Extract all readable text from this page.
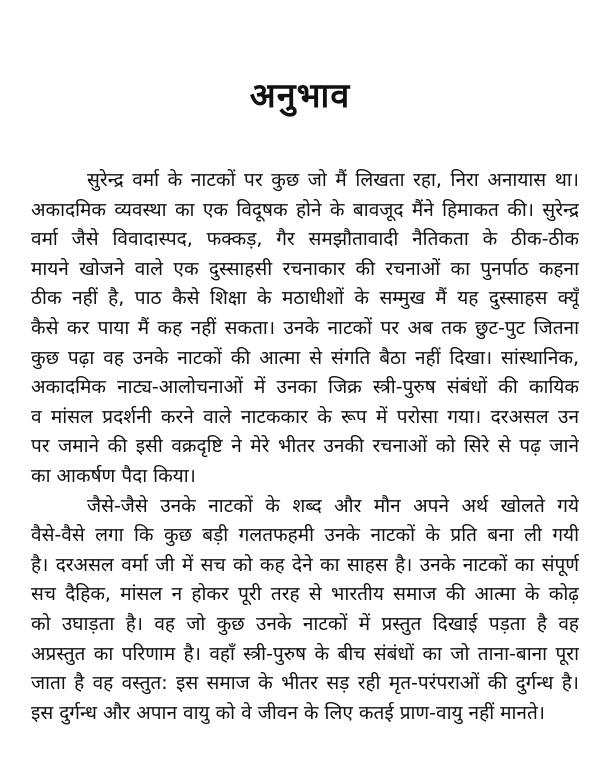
अनुभाव
सुरेन्द्र वर्मा के नाटकों पर कुछ जो मैं लिखता रहा, निरा अनायास था।
अकादमिक व्यवस्था का एक विदूषक होने के बावजूद मैंने हिमाकत की। सुरेन्द्र
वर्मा जैसे विवादास्पद, फक्कड़, गैर समझौतावादी नैतिकता के ठीक-ठीक
मायने खोजने वाले एक दुस्साहसी रचनाकार की रचनाओं का पुनर्पाठ कहना
ठीक नहीं है, पाठ कैसे शिक्षा के मठाधीशों के सम्मुख मैं यह दुस्साहस क्यूँ
कैसे कर पाया मैं कह नहीं सकता। उनके नाटकों पर अब तक छुट-पुट जितना
कुछ पढ़ा वह उनके नाटकों की आत्मा से संगति बैठा नहीं दिखा। सांस्थानिक,
अकादमिक नाट्य-आलोचनाओं में उनका जिक्र स्त्री-पुरुष संबंधों की कायिक
व मांसल प्रदर्शनी करने वाले नाटककार के रूप में परोसा गया। दरअसल उन
पर जमाने की इसी वक्रदृष्टि ने मेरे भीतर उनकी रचनाओं को सिरे से पढ़ जाने
का आकर्षण पैदा किया।
जैसे-जैसे उनके नाटकों के शब्द और मौन अपने अर्थ खोलते गये
वैसे-वैसे लगा कि कुछ बड़ी गलतफहमी उनके नाटकों के प्रति बना ली गयी
है। दरअसल वर्मा जी में सच को कह देने का साहस है। उनके नाटकों का संपूर्ण
सच दैहिक, मांसल न होकर पूरी तरह से भारतीय समाज की आत्मा के कोढ़
को उघाड़ता है। वह जो कुछ उनके नाटकों में प्रस्तुत दिखाई पड़ता है वह
अप्रस्तुत का परिणाम है। वहाँ स्त्री-पुरुष के बीच संबंधों का जो ताना-बाना पूरा
जाता है वह वस्तुत: इस समाज के भीतर सड़ रही मृत-परंपराओं की दुर्गन्ध है।
इस दुर्गन्ध और अपान वायु को वे जीवन के लिए कतई प्राण-वायु नहीं मानते।
